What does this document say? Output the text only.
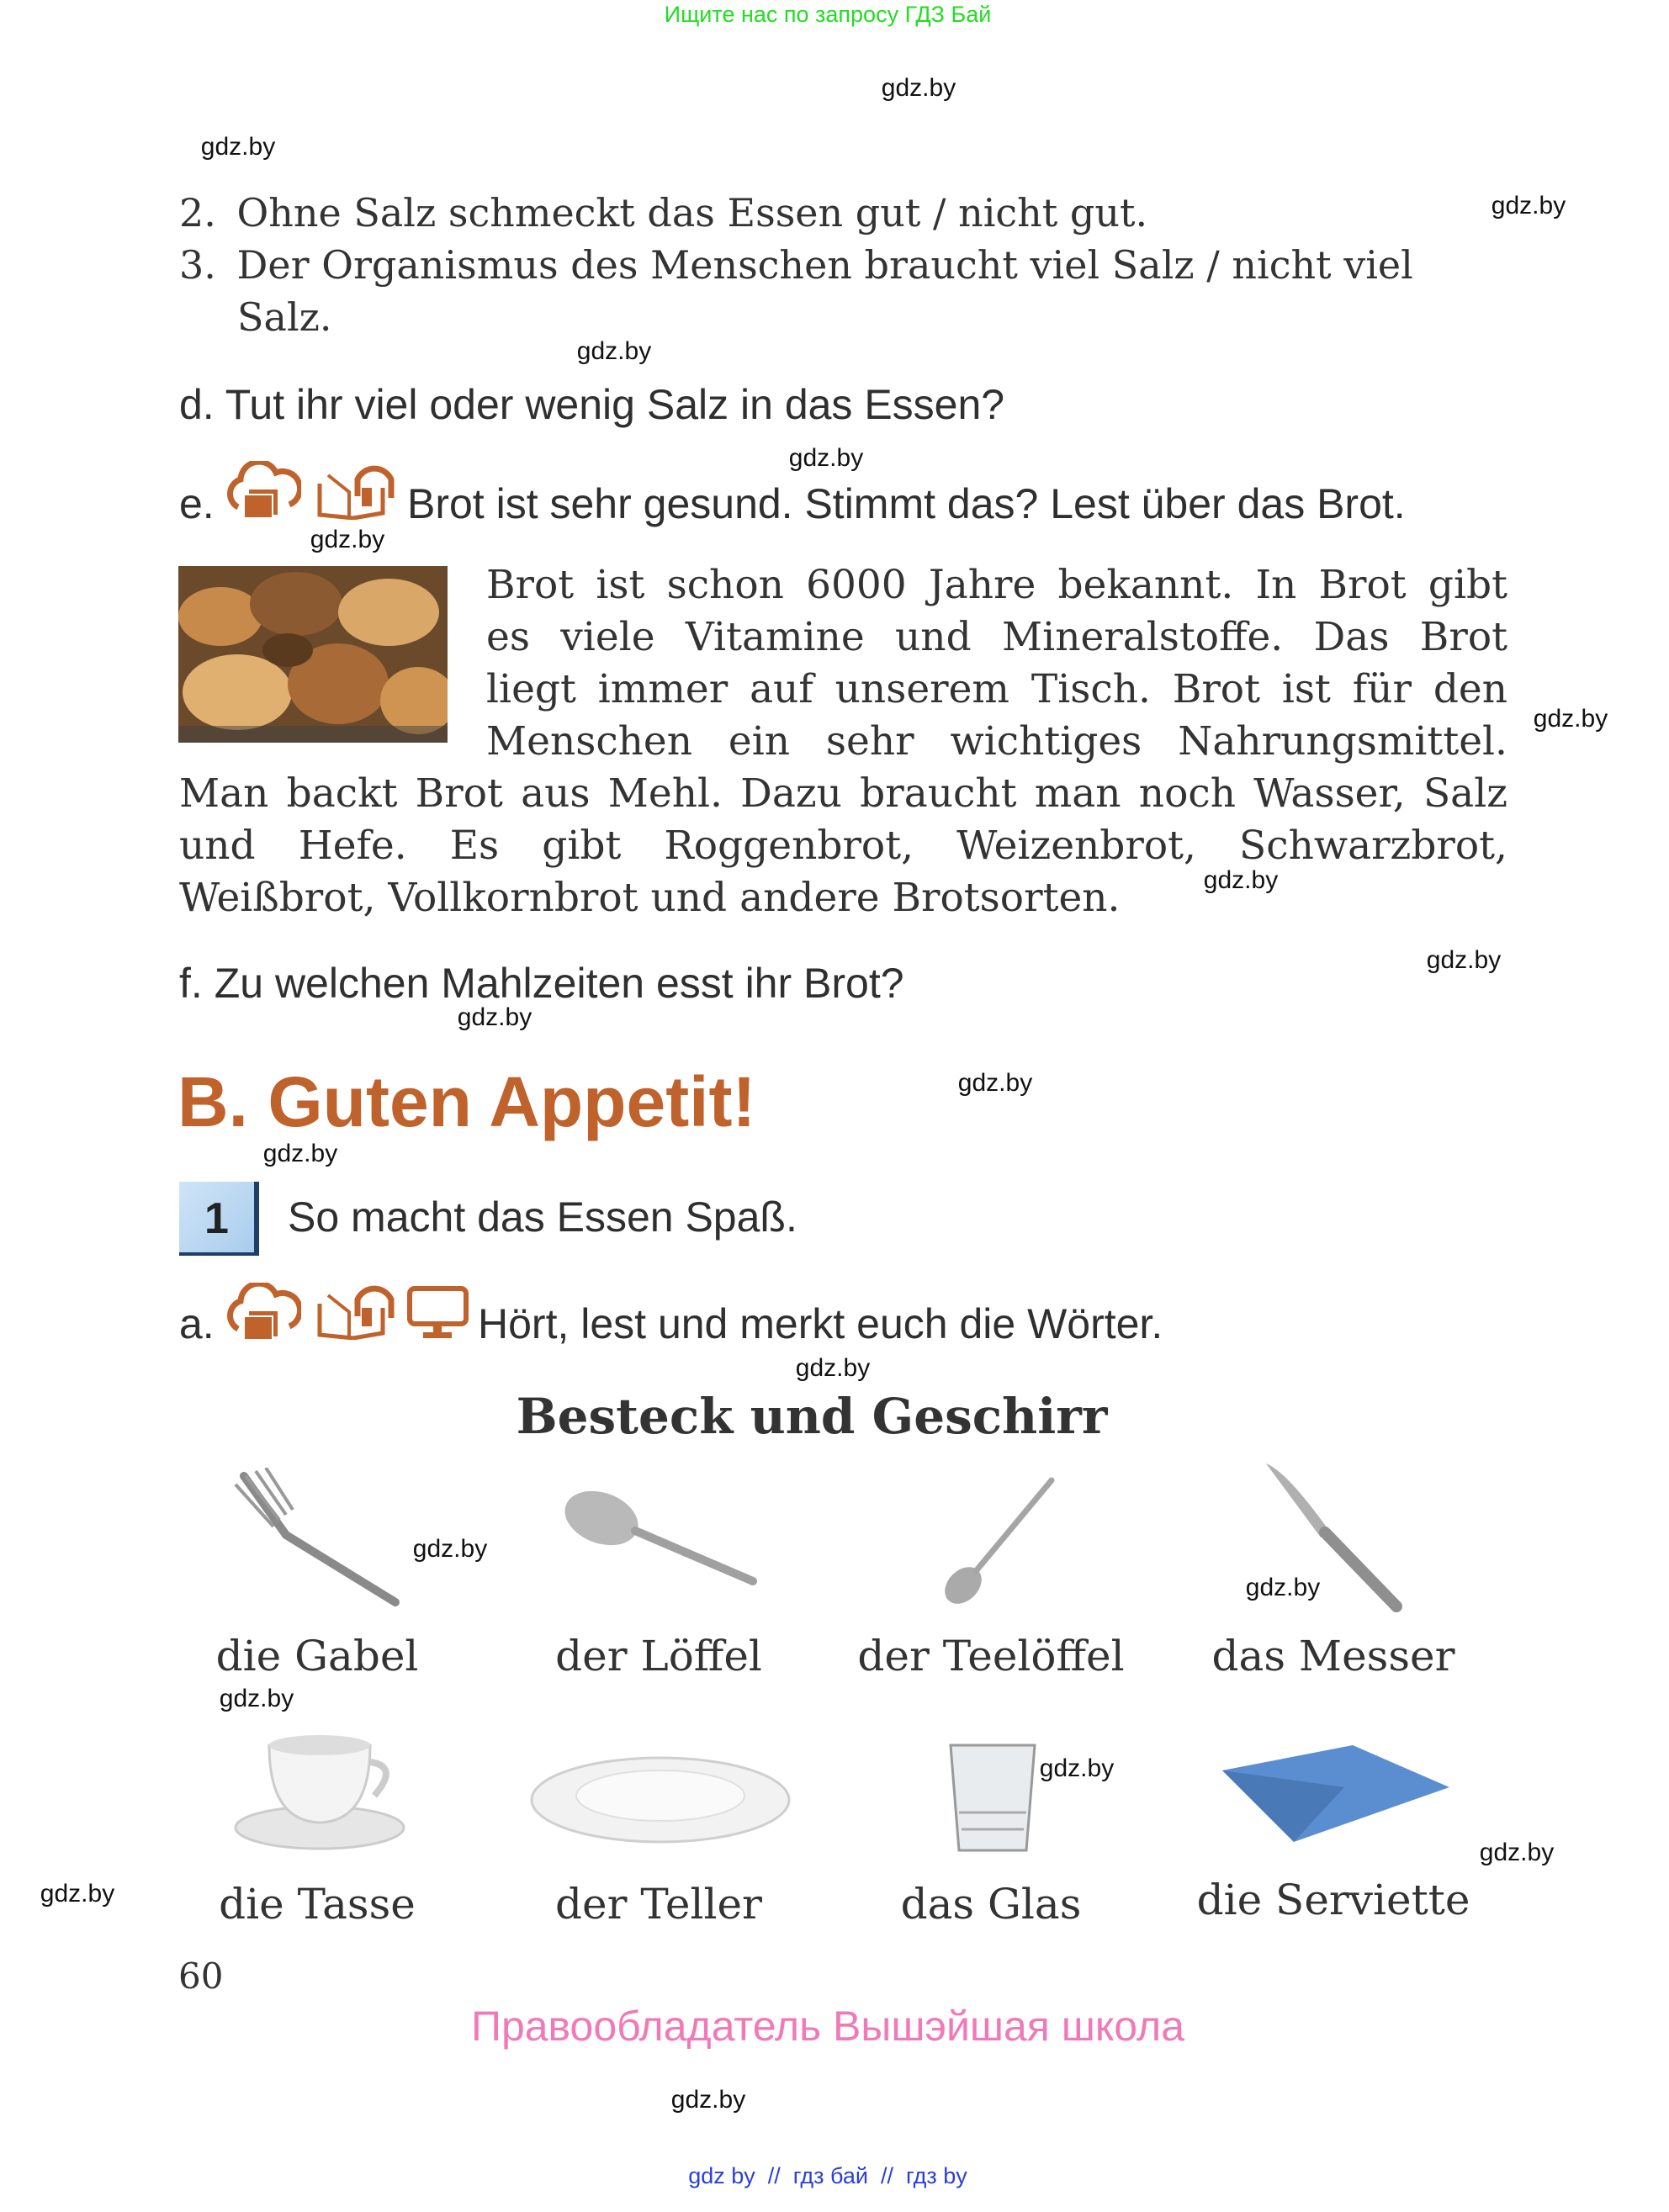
Ищите нас по запросу ГДЗ Бай
gdz.by
gdz.by
gdz.by
gdz.by
gdz.by
gdz.by
gdz.by
gdz.by
gdz.by
gdz.by
gdz.by
gdz.by
gdz.by
gdz.by
gdz.by
gdz.by
gdz.by
gdz.by
gdz.by
gdz.by
2. Ohne Salz schmeckt das Essen gut / nicht gut.
3. Der Organismus des Menschen braucht viel Salz / nicht viel
Salz.
d. Tut ihr viel oder wenig Salz in das Essen?
e.	Brot ist sehr gesund. Stimmt das? Lest über das Brot.
Brot ist schon 6000 Jahre bekannt. In Brot gibt
es viele Vitamine und Mineralstoffe. Das Brot
liegt immer auf unserem Tisch. Brot ist für den
Menschen ein sehr wichtiges Nahrungsmittel.
Man backt Brot aus Mehl. Dazu braucht man noch Wasser, Salz
und Hefe. Es gibt Roggenbrot, Weizenbrot, Schwarzbrot,
Weißbrot, Vollkornbrot und andere Brotsorten.
f. Zu welchen Mahlzeiten esst ihr Brot?
B. Guten Appetit!
1 So macht das Essen Spaß.
a.	Hört, lest und merkt euch die Wörter.
Besteck und Geschirr
die Gabel	der Löffel der Teelöffel das Messer
die Tasse	der Teller	das Glas	die Serviette
60
Правообладатель Вышэйшая школа
gdz by  //  гдз бай  //  гдз by
